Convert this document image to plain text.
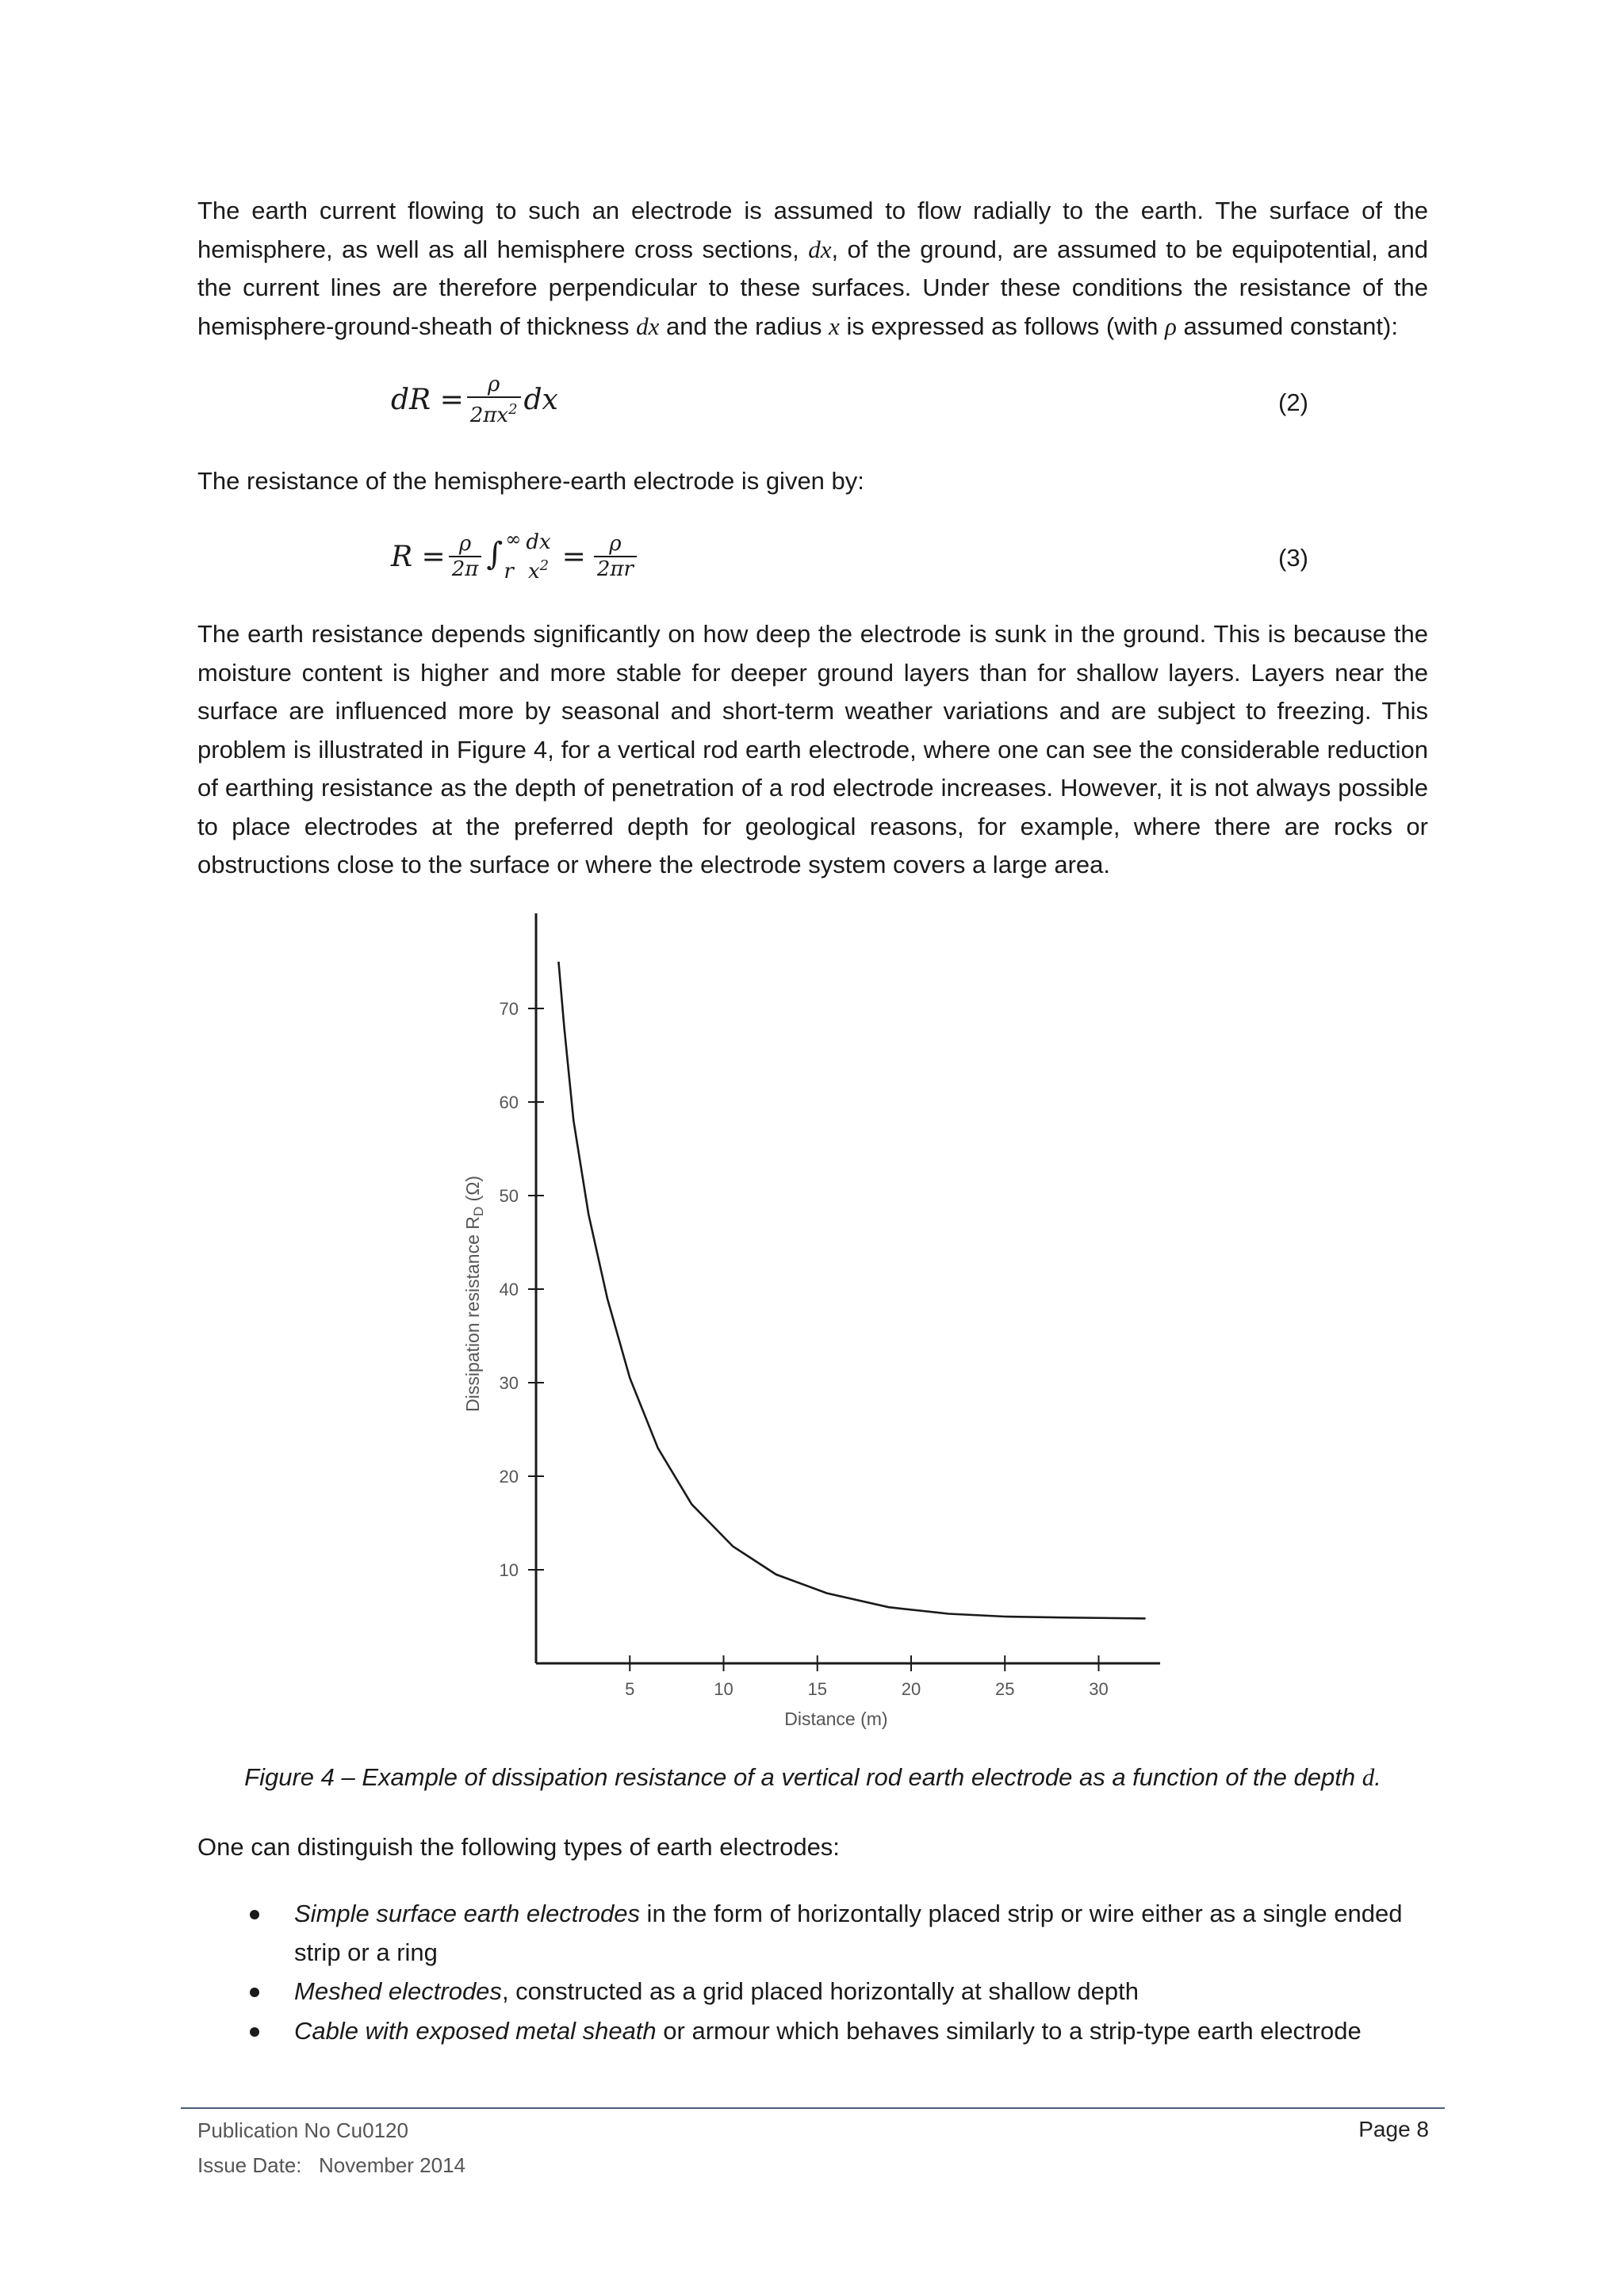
The earth current flowing to such an electrode is assumed to flow radially to the earth. The surface of the hemisphere, as well as all hemisphere cross sections, dx, of the ground, are assumed to be equipotential, and the current lines are therefore perpendicular to these surfaces. Under these conditions the resistance of the hemisphere-ground-sheath of thickness dx and the radius x is expressed as follows (with ρ assumed constant):

dR = $\frac{\rho}{2\pi x^2}$ dx	(2)

The resistance of the hemisphere-earth electrode is given by:

$R = \frac{\rho}{2\pi}$ ∫ ∞
r
dx
$x^2 = \frac{\rho}{2\pi r}$	(3)

The earth resistance depends significantly on how deep the electrode is sunk in the ground. This is because the moisture content is higher and more stable for deeper ground layers than for shallow layers. Layers near the surface are influenced more by seasonal and short-term weather variations and are subject to freezing. This problem is illustrated in Figure 4, for a vertical rod earth electrode, where one can see the considerable reduction of earthing resistance as the depth of penetration of a rod electrode increases. However, it is not always possible to place electrodes at the preferred depth for geological reasons, for example, where there are rocks or obstructions close to the surface or where the electrode system covers a large area.

5	10	15	20	25	30
10
20
30
40
50
60
70
Distance (m)
Dissipation resistance $R_D$ (Ω)
Figure 4 – Example of dissipation resistance of a vertical rod earth electrode as a function of the depth d.

One can distinguish the following types of earth electrodes:

Simple surface earth electrodes in the form of horizontally placed strip or wire either as a single ended strip or a ring
Meshed electrodes, constructed as a grid placed horizontally at shallow depth
Cable with exposed metal sheath or armour which behaves similarly to a strip-type earth electrode
Publication No Cu0120
Issue Date: November 2014
Page 8
